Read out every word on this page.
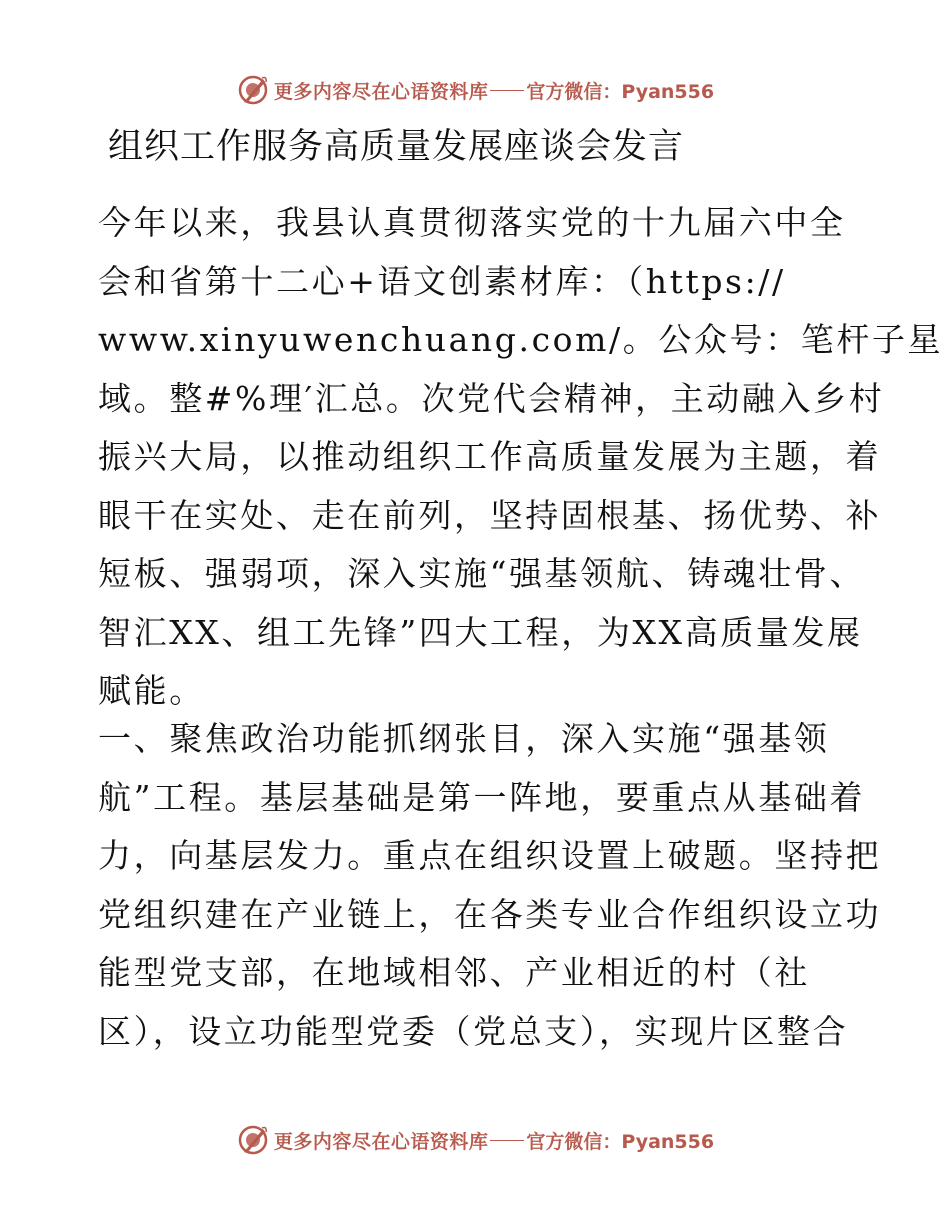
更多内容尽在心语资料库 官方微信：Pyan556
组织工作服务高质量发展座谈会发言
今年以来，我县认真贯彻落实党的十九届六中全
会和省第十二心+语文创素材库：（https://
www.xinyuwenchuang.com/。公众号：笔杆子星
域。整#%理′汇总。次党代会精神，主动融入乡村
振兴大局，以推动组织工作高质量发展为主题，着
眼干在实处、走在前列，坚持固根基、扬优势、补
短板、强弱项，深入实施“强基领航、铸魂壮骨、
智汇XX、组工先锋”四大工程，为XX高质量发展
赋能。
一、聚焦政治功能抓纲张目，深入实施“强基领
航”工程。基层基础是第一阵地，要重点从基础着
力，向基层发力。重点在组织设置上破题。坚持把
党组织建在产业链上，在各类专业合作组织设立功
能型党支部，在地域相邻、产业相近的村（社
区），设立功能型党委（党总支），实现片区整合
更多内容尽在心语资料库 官方微信：Pyan556
